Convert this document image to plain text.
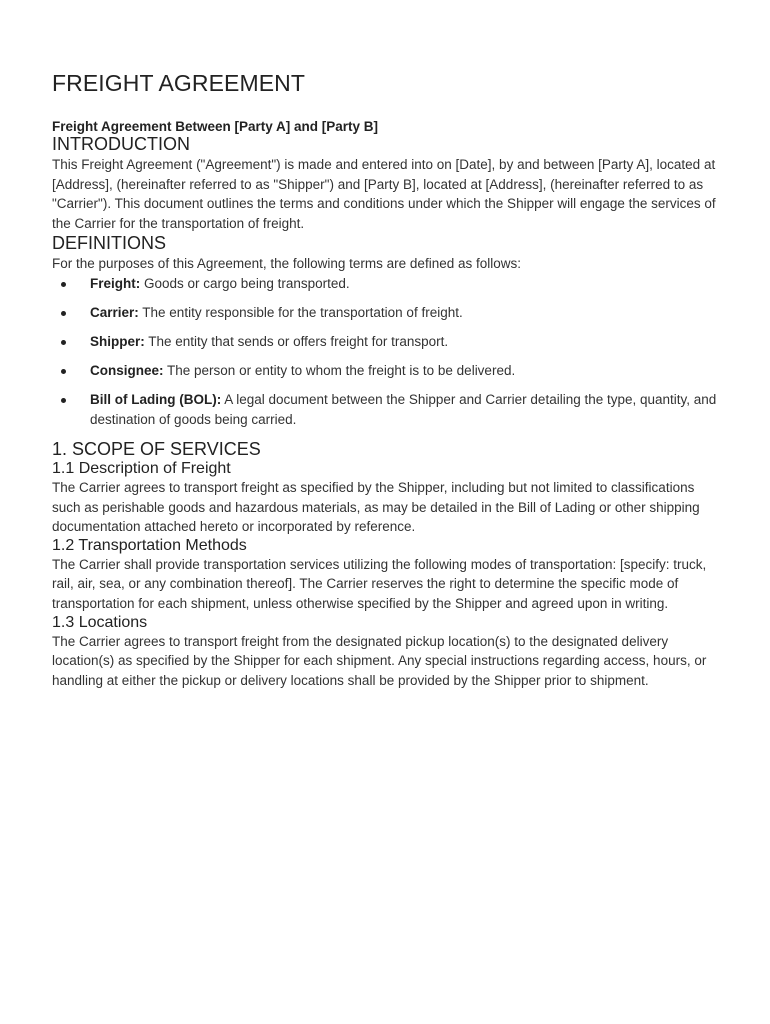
FREIGHT AGREEMENT
Freight Agreement Between [Party A] and [Party B]
INTRODUCTION

This Freight Agreement ("Agreement") is made and entered into on [Date], by and between [Party A], located at [Address], (hereinafter referred to as "Shipper") and [Party B], located at [Address], (hereinafter referred to as "Carrier"). This document outlines the terms and conditions under which the Shipper will engage the services of the Carrier for the transportation of freight.

DEFINITIONS

For the purposes of this Agreement, the following terms are defined as follows:

Freight: Goods or cargo being transported.
Carrier: The entity responsible for the transportation of freight.
Shipper: The entity that sends or offers freight for transport.
Consignee: The person or entity to whom the freight is to be delivered.
Bill of Lading (BOL): A legal document between the Shipper and Carrier detailing the type, quantity, and destination of goods being carried.
1. SCOPE OF SERVICES
1.1 Description of Freight

The Carrier agrees to transport freight as specified by the Shipper, including but not limited to classifications such as perishable goods and hazardous materials, as may be detailed in the Bill of Lading or other shipping documentation attached hereto or incorporated by reference.

1.2 Transportation Methods

The Carrier shall provide transportation services utilizing the following modes of transportation: [specify: truck, rail, air, sea, or any combination thereof]. The Carrier reserves the right to determine the specific mode of transportation for each shipment, unless otherwise specified by the Shipper and agreed upon in writing.

1.3 Locations

The Carrier agrees to transport freight from the designated pickup location(s) to the designated delivery location(s) as specified by the Shipper for each shipment. Any special instructions regarding access, hours, or handling at either the pickup or delivery locations shall be provided by the Shipper prior to shipment.
